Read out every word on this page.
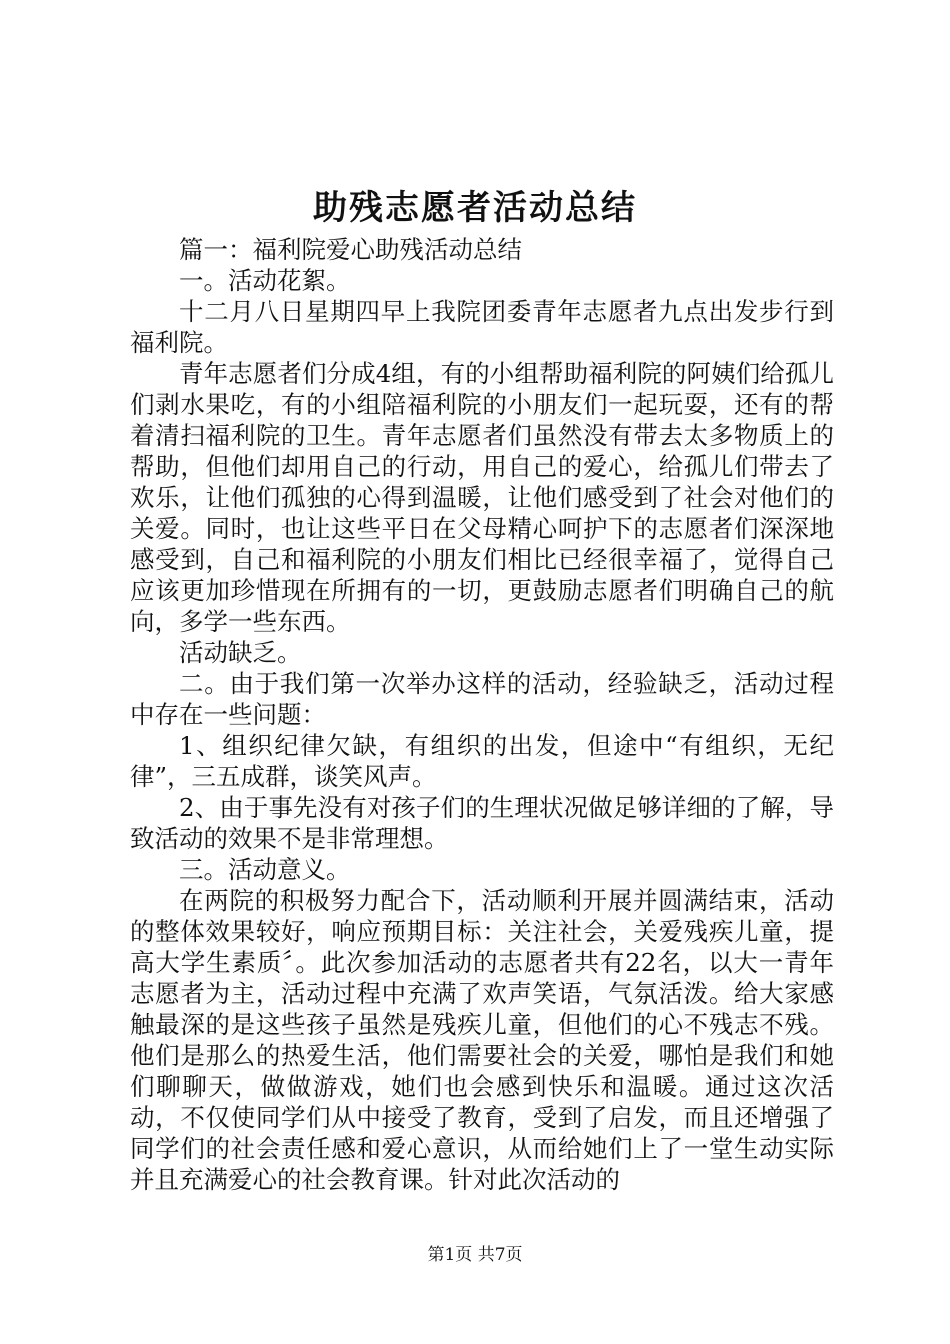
助残志愿者活动总结

篇一：福利院爱心助残活动总结

一。活动花絮。

十二月八日星期四早上我院团委青年志愿者九点出发步行到福利院。

青年志愿者们分成4组，有的小组帮助福利院的阿姨们给孤儿们剥水果吃，有的小组陪福利院的小朋友们一起玩耍，还有的帮着清扫福利院的卫生。青年志愿者们虽然没有带去太多物质上的帮助，但他们却用自己的行动，用自己的爱心，给孤儿们带去了欢乐，让他们孤独的心得到温暖，让他们感受到了社会对他们的关爱。同时，也让这些平日在父母精心呵护下的志愿者们深深地感受到，自己和福利院的小朋友们相比已经很幸福了，觉得自己应该更加珍惜现在所拥有的一切，更鼓励志愿者们明确自己的航向，多学一些东西。

活动缺乏。

二。由于我们第一次举办这样的活动，经验缺乏，活动过程中存在一些问题：

1、组织纪律欠缺，有组织的出发，但途中“有组织，无纪律”，三五成群，谈笑风声。

2、由于事先没有对孩子们的生理状况做足够详细的了解，导致活动的效果不是非常理想。

三。活动意义。

在两院的积极努力配合下，活动顺利开展并圆满结束，活动的整体效果较好，响应预期目标：关注社会，关爱残疾儿童，提高大学生素质〞。此次参加活动的志愿者共有22名，以大一青年志愿者为主，活动过程中充满了欢声笑语，气氛活泼。给大家感触最深的是这些孩子虽然是残疾儿童，但他们的心不残志不残。他们是那么的热爱生活，他们需要社会的关爱，哪怕是我们和她们聊聊天，做做游戏，她们也会感到快乐和温暖。通过这次活动，不仅使同学们从中接受了教育，受到了启发，而且还增强了同学们的社会责任感和爱心意识，从而给她们上了一堂生动实际并且充满爱心的社会教育课。针对此次活动的

第1页 共7页
